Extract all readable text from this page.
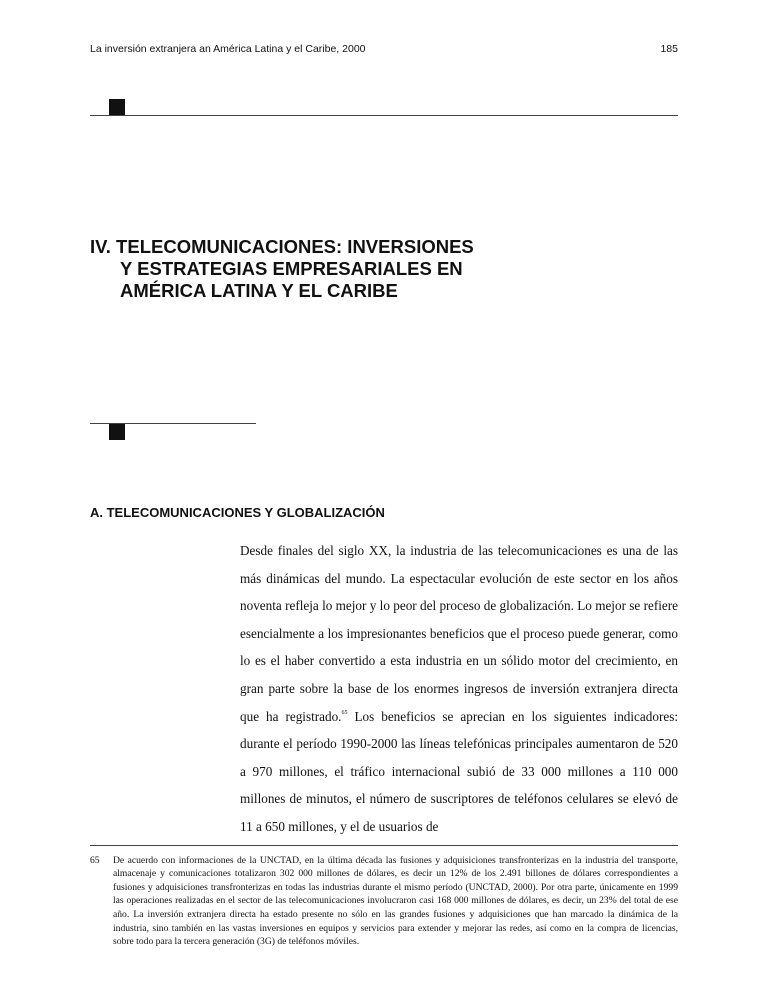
La inversión extranjera an América Latina y el Caribe, 2000	185
IV. TELECOMUNICACIONES: INVERSIONES
Y ESTRATEGIAS EMPRESARIALES EN
AMÉRICA LATINA Y EL CARIBE
A. TELECOMUNICACIONES Y GLOBALIZACIÓN

Desde finales del siglo XX, la industria de las telecomunicaciones es una de las más dinámicas del mundo. La espectacular evolución de este sector en los años noventa refleja lo mejor y lo peor del proceso de globalización. Lo mejor se refiere esencialmente a los impresionantes beneficios que el proceso puede generar, como lo es el haber convertido a esta industria en un sólido motor del crecimiento, en gran parte sobre la base de los enormes ingresos de inversión extranjera directa que ha registrado.$^{65}$ Los beneficios se aprecian en los siguientes indicadores: durante el período 1990-2000 las líneas telefónicas principales aumentaron de 520 a 970 millones, el tráfico internacional subió de 33 000 millones a 110 000 millones de minutos, el número de suscriptores de teléfonos celulares se elevó de 11 a 650 millones, y el de usuarios de

65	De acuerdo con informaciones de la UNCTAD, en la última década las fusiones y adquisiciones transfronterizas en la industria del transporte, almacenaje y comunicaciones totalizaron 302 000 millones de dólares, es decir un 12% de los 2.491 billones de dólares correspondientes a fusiones y adquisiciones transfronterizas en todas las industrias durante el mismo período (UNCTAD, 2000). Por otra parte, únicamente en 1999 las operaciones realizadas en el sector de las telecomunicaciones involucraron casi 168 000 millones de dólares, es decir, un 23% del total de ese año. La inversión extranjera directa ha estado presente no sólo en las grandes fusiones y adquisiciones que han marcado la dinámica de la industria, sino también en las vastas inversiones en equipos y servicios para extender y mejorar las redes, así como en la compra de licencias, sobre todo para la tercera generación (3G) de teléfonos móviles.
